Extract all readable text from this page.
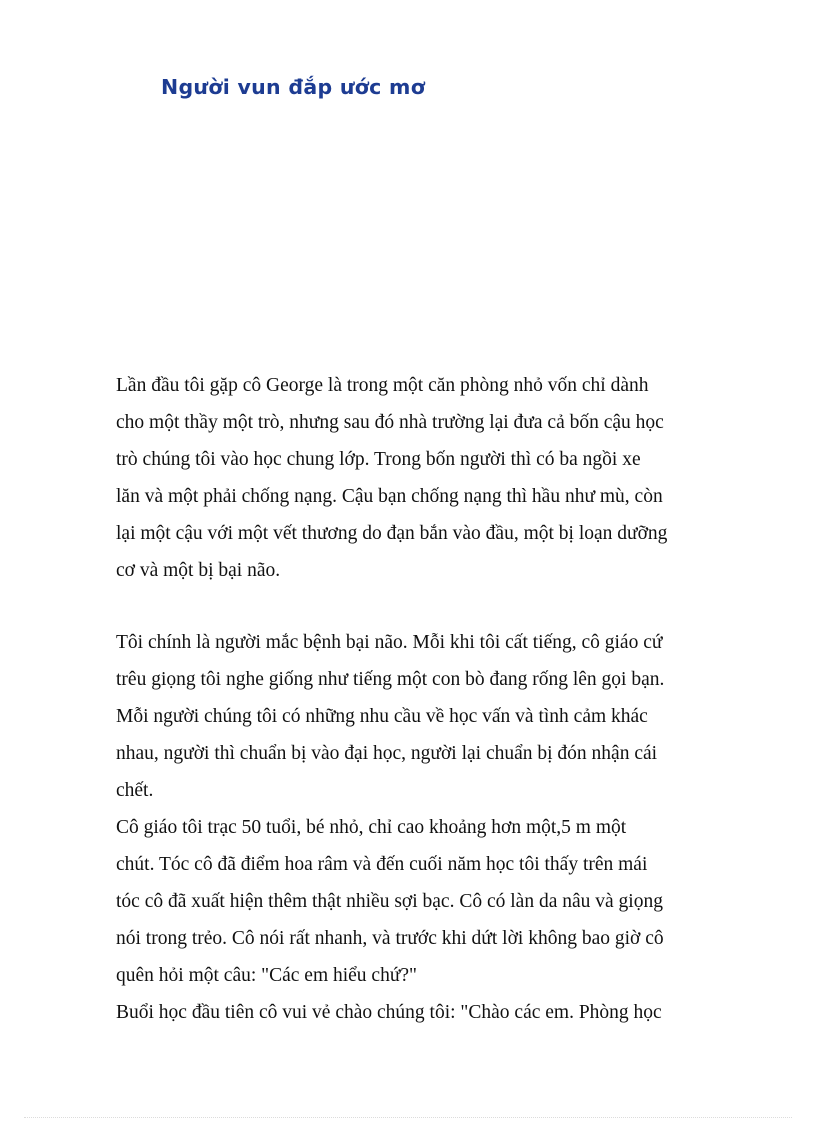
Người vun đắp ước mơ
Lần đầu tôi gặp cô George là trong một căn phòng nhỏ vốn chỉ dành
cho một thầy một trò, nhưng sau đó nhà trường lại đưa cả bốn cậu học
trò chúng tôi vào học chung lớp. Trong bốn người thì có ba ngồi xe
lăn và một phải chống nạng. Cậu bạn chống nạng thì hầu như mù, còn
lại một cậu với một vết thương do đạn bắn vào đầu, một bị loạn dưỡng
cơ và một bị bại não.
Tôi chính là người mắc bệnh bại não. Mỗi khi tôi cất tiếng, cô giáo cứ
trêu giọng tôi nghe giống như tiếng một con bò đang rống lên gọi bạn.
Mỗi người chúng tôi có những nhu cầu về học vấn và tình cảm khác
nhau, người thì chuẩn bị vào đại học, người lại chuẩn bị đón nhận cái
chết.
Cô giáo tôi trạc 50 tuổi, bé nhỏ, chỉ cao khoảng hơn một,5 m một
chút. Tóc cô đã điểm hoa râm và đến cuối năm học tôi thấy trên mái
tóc cô đã xuất hiện thêm thật nhiều sợi bạc. Cô có làn da nâu và giọng
nói trong trẻo. Cô nói rất nhanh, và trước khi dứt lời không bao giờ cô
quên hỏi một câu: "Các em hiểu chứ?"
Buổi học đầu tiên cô vui vẻ chào chúng tôi: "Chào các em. Phòng học
